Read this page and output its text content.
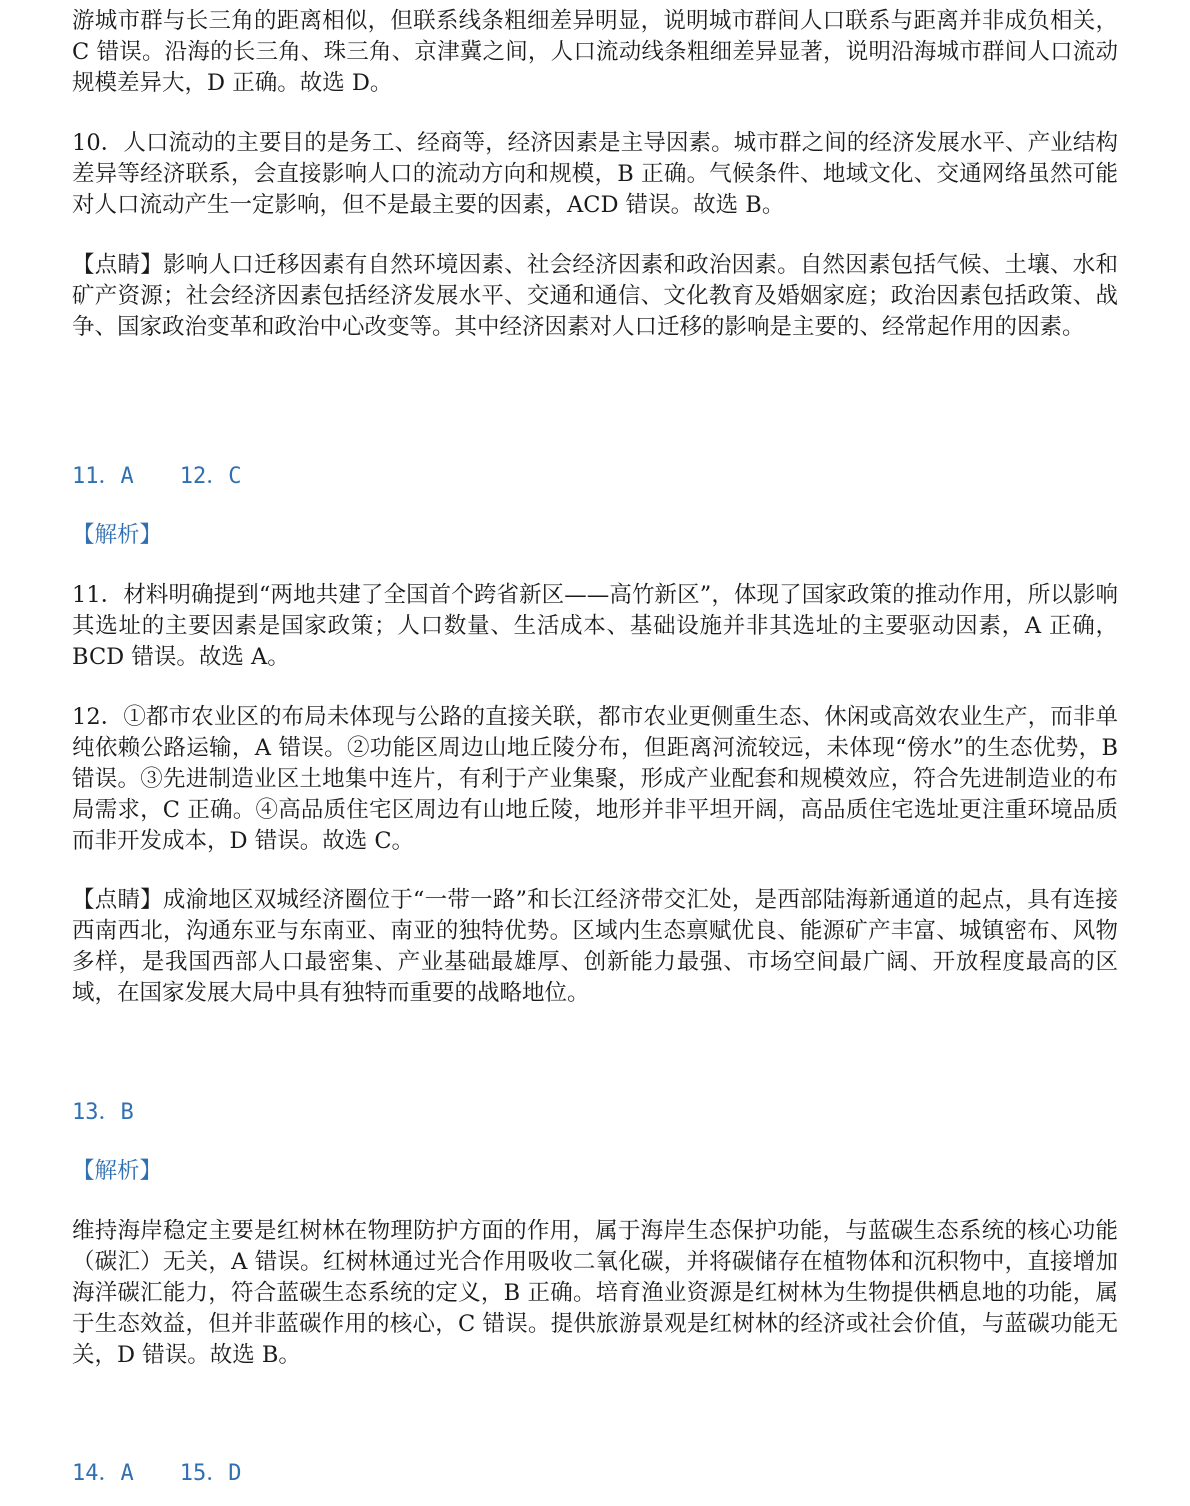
游城市群与长三角的距离相似，但联系线条粗细差异明显，说明城市群间人口联系与距离并非成负相关，C 错误。沿海的长三角、珠三角、京津冀之间，人口流动线条粗细差异显著，说明沿海城市群间人口流动规模差异大，D 正确。故选 D。

10．人口流动的主要目的是务工、经商等，经济因素是主导因素。城市群之间的经济发展水平、产业结构差异等经济联系，会直接影响人口的流动方向和规模，B 正确。气候条件、地域文化、交通网络虽然可能对人口流动产生一定影响，但不是最主要的因素，ACD 错误。故选 B。

【点睛】影响人口迁移因素有自然环境因素、社会经济因素和政治因素。自然因素包括气候、土壤、水和矿产资源；社会经济因素包括经济发展水平、交通和通信、文化教育及婚姻家庭；政治因素包括政策、战争、国家政治变革和政治中心改变等。其中经济因素对人口迁移的影响是主要的、经常起作用的因素。

11．A 12．C
【解析】

11．材料明确提到“两地共建了全国首个跨省新区——高竹新区”，体现了国家政策的推动作用，所以影响其选址的主要因素是国家政策；人口数量、生活成本、基础设施并非其选址的主要驱动因素，A 正确，BCD 错误。故选 A。

12．①都市农业区的布局未体现与公路的直接关联，都市农业更侧重生态、休闲或高效农业生产，而非单纯依赖公路运输，A 错误。②功能区周边山地丘陵分布，但距离河流较远，未体现“傍水”的生态优势，B 错误。③先进制造业区土地集中连片，有利于产业集聚，形成产业配套和规模效应，符合先进制造业的布局需求，C 正确。④高品质住宅区周边有山地丘陵，地形并非平坦开阔，高品质住宅选址更注重环境品质而非开发成本，D 错误。故选 C。

【点睛】成渝地区双城经济圈位于“一带一路”和长江经济带交汇处，是西部陆海新通道的起点，具有连接西南西北，沟通东亚与东南亚、南亚的独特优势。区域内生态禀赋优良、能源矿产丰富、城镇密布、风物多样，是我国西部人口最密集、产业基础最雄厚、创新能力最强、市场空间最广阔、开放程度最高的区域，在国家发展大局中具有独特而重要的战略地位。

13．B
【解析】

维持海岸稳定主要是红树林在物理防护方面的作用，属于海岸生态保护功能，与蓝碳生态系统的核心功能（碳汇）无关，A 错误。红树林通过光合作用吸收二氧化碳，并将碳储存在植物体和沉积物中，直接增加海洋碳汇能力，符合蓝碳生态系统的定义，B 正确。培育渔业资源是红树林为生物提供栖息地的功能，属于生态效益，但并非蓝碳作用的核心，C 错误。提供旅游景观是红树林的经济或社会价值，与蓝碳功能无关，D 错误。故选 B。

14．A 15．D
